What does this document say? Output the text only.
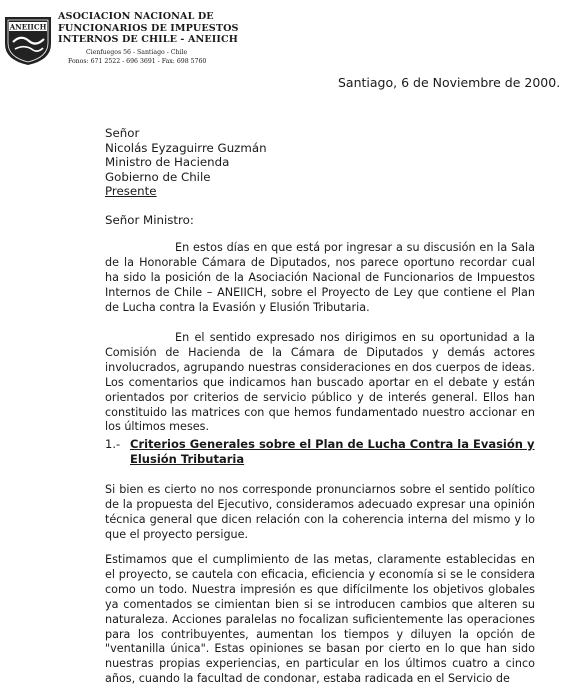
ANEIICH
ASOCIACION NACIONAL DE
FUNCIONARIOS DE IMPUESTOS
INTERNOS DE CHILE - ANEIICH
Cienfuegos 56 - Santiago - Chile
Fonos: 671 2522 - 696 3691 - Fax: 698 5760
Santiago, 6 de Noviembre de 2000.
Señor
Nicolás Eyzaguirre Guzmán
Ministro de Hacienda
Gobierno de Chile
Presente
Señor Ministro:
En estos días en que está por ingresar a su discusión en la Sala de la Honorable Cámara de Diputados, nos parece oportuno recordar cual ha sido la posición de la Asociación Nacional de Funcionarios de Impuestos Internos de Chile – ANEIICH, sobre el Proyecto de Ley que contiene el Plan de Lucha contra la Evasión y Elusión Tributaria.
En el sentido expresado nos dirigimos en su oportunidad a la Comisión de Hacienda de la Cámara de Diputados y demás actores involucrados, agrupando nuestras consideraciones en dos cuerpos de ideas. Los comentarios que indicamos han buscado aportar en el debate y están orientados por criterios de servicio público y de interés general. Ellos han constituido las matrices con que hemos fundamentado nuestro accionar en los últimos meses.
1.- Criterios Generales sobre el Plan de Lucha Contra la Evasión y Elusión Tributaria
Si bien es cierto no nos corresponde pronunciarnos sobre el sentido político de la propuesta del Ejecutivo, consideramos adecuado expresar una opinión técnica general que dicen relación con la coherencia interna del mismo y lo que el proyecto persigue.
Estimamos que el cumplimiento de las metas, claramente establecidas en el proyecto, se cautela con eficacia, eficiencia y economía si se le considera como un todo. Nuestra impresión es que difícilmente los objetivos globales ya comentados se cimientan bien si se introducen cambios que alteren su naturaleza. Acciones paralelas no focalizan suficientemente las operaciones para los contribuyentes, aumentan los tiempos y diluyen la opción de "ventanilla única". Estas opiniones se basan por cierto en lo que han sido nuestras propias experiencias, en particular en los últimos cuatro a cinco años, cuando la facultad de condonar, estaba radicada en el Servicio de
